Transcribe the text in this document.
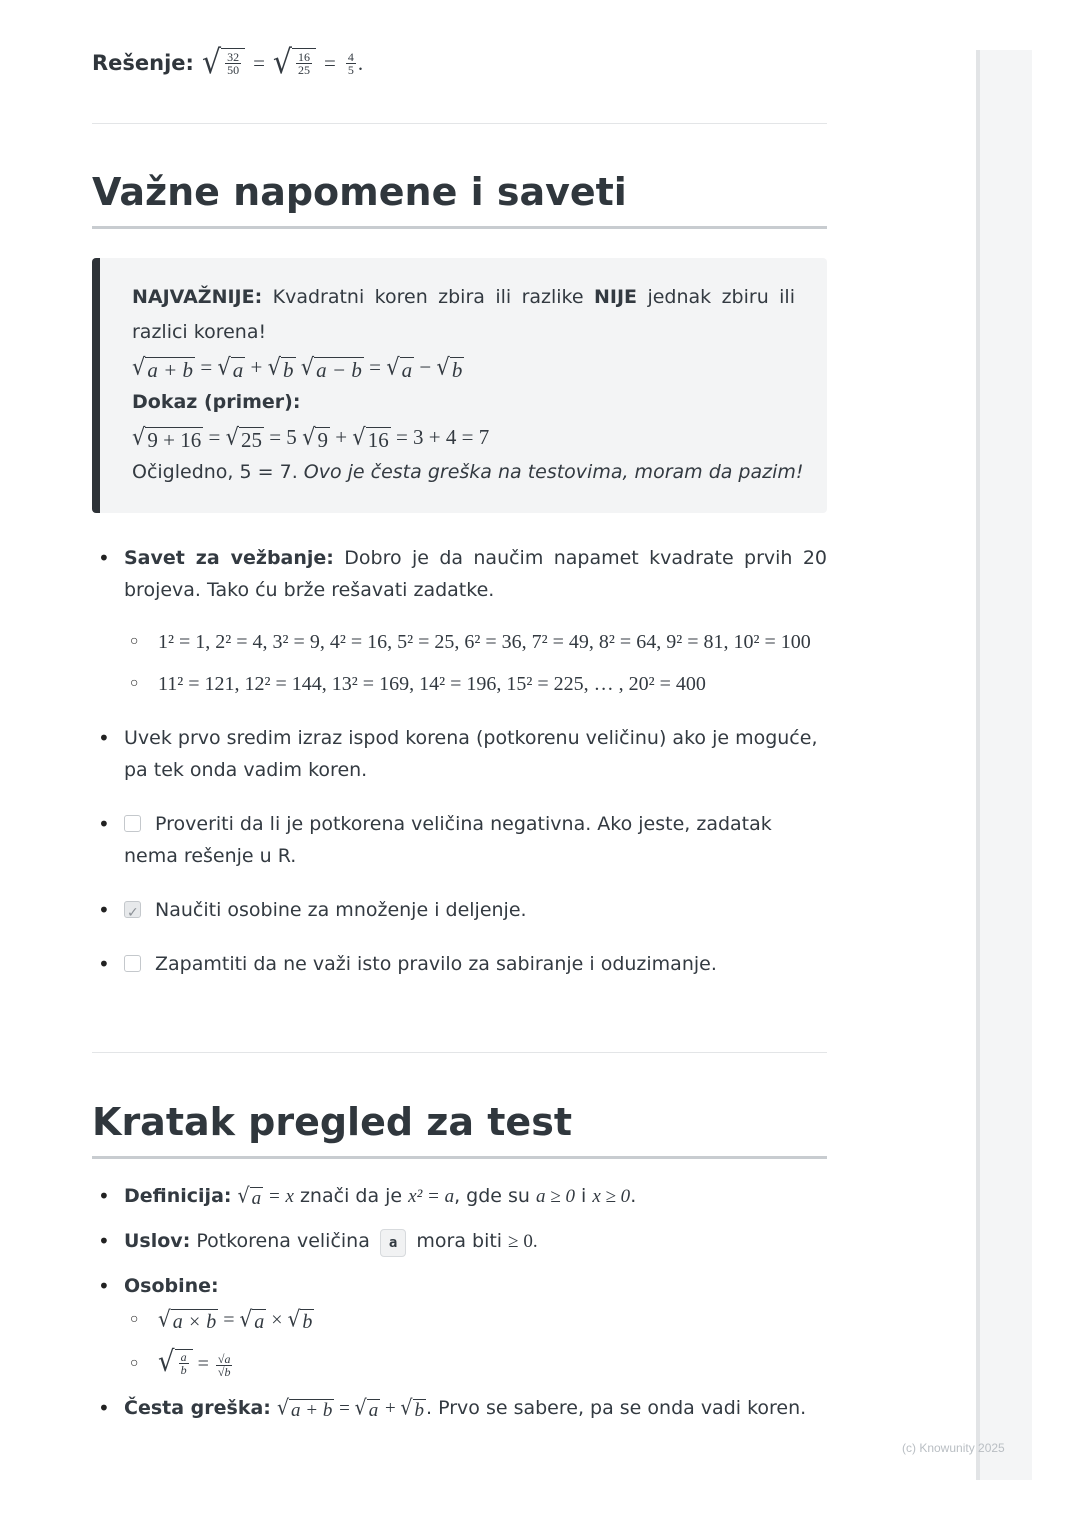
(c) Knowunity 2025
Rešenje: √ $\frac{32}{50}$ = √ $\frac{16}{25} = \frac{4}{5}$ .
Važne napomene i saveti
NAJVAŽNIJE: Kvadratni koren zbira ili razlike NIJE jednak zbiru ili
razlici korena!
√ a + b = √ a + √ b
√ a − b = √ a − √ b
Dokaz (primer):
√ 9 + 16 = √ 25 = 5 √ 9 + √ 16 = 3 + 4 = 7
Očigledno, 5 = 7. Ovo je česta greška na testovima, moram da pazim!
• Savet za vežbanje: Dobro je da naučim napamet kvadrate prvih 20 brojeva. Tako ću brže rešavati zadatke.
○ 1² = 1, 2² = 4, 3² = 9, 4² = 16, 5² = 25, 6² = 36, 7² = 49, 8² = 64, 9² = 81, 10² = 100
○ 11² = 121, 12² = 144, 13² = 169, 14² = 196, 15² = 225, … , 20² = 400
• Uvek prvo sredim izraz ispod korena (potkorenu veličinu) ako je moguće, pa tek onda vadim koren.
• Proveriti da li je potkorena veličina negativna. Ako jeste, zadatak nema rešenje u R.
✓• Naučiti osobine za množenje i deljenje.
• Zapamtiti da ne važi isto pravilo za sabiranje i oduzimanje.
Kratak pregled za test
• Definicija: √ a = x znači da je x² = a, gde su a ≥ 0 i x ≥ 0.
• Uslov: Potkorena veličina a mora biti ≥ 0.
• Osobine:
○ √ a × b = √ a × √ b
○ √ $\frac{a}{b} = \frac{√a}{√b}$
• Česta greška: √ a + b = √ a + √ b . Prvo se sabere, pa se onda vadi koren.
